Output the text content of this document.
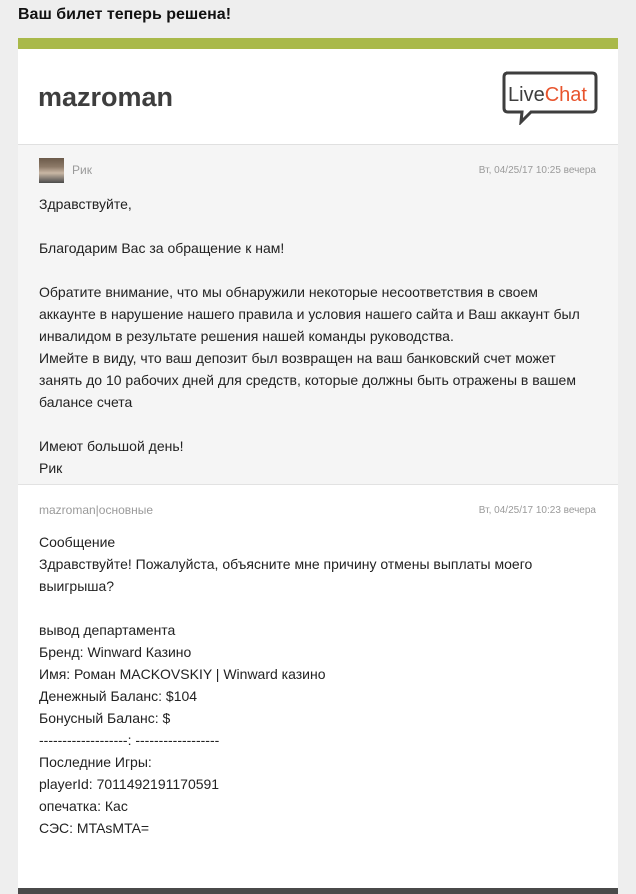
Ваш билет теперь решена!
mazroman	LiveChat
Рик	Вт, 04/25/17 10:25 вечера
Здравствуйте,
Благодарим Вас за обращение к нам!
Обратите внимание, что мы обнаружили некоторые несоответствия в своем
аккаунте в нарушение нашего правила и условия нашего сайта и Ваш аккаунт был
инвалидом в результате решения нашей команды руководства.
Имейте в виду, что ваш депозит был возвращен на ваш банковский счет может
занять до 10 рабочих дней для средств, которые должны быть отражены в вашем
балансе счета
Имеют большой день!
Рик
mazroman|основные	Вт, 04/25/17 10:23 вечера
Сообщение
Здравствуйте! Пожалуйста, объясните мне причину отмены выплаты моего
выигрыша?
вывод департамента
Бренд: Winward Казино
Имя: Роман MACKOVSKIY | Winward казино
Денежный Баланс: $104
Бонусный Баланс: $
-------------------: ------------------
Последние Игры:
playerId: 7011492191170591
опечатка: Кас
СЭС: MTAsMTA=
